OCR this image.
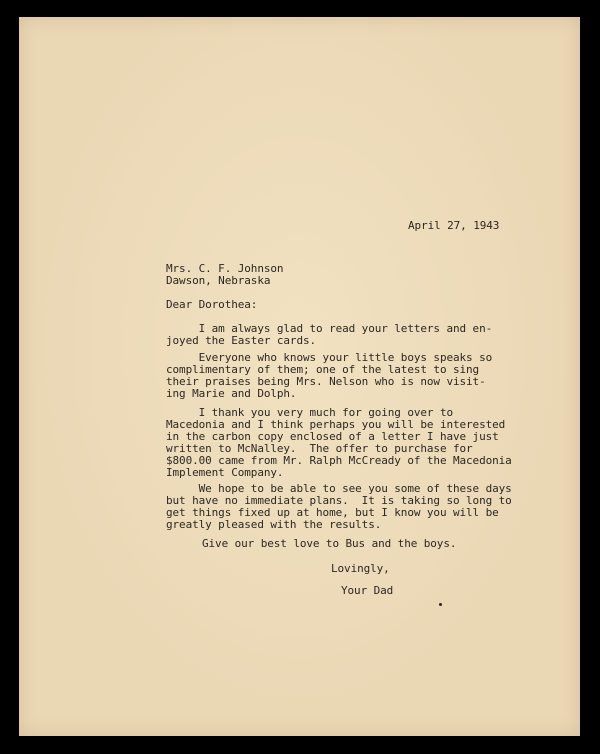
April 27, 1943
Mrs. C. F. Johnson
Dawson, Nebraska
Dear Dorothea:
I am always glad to read your letters and en-
joyed the Easter cards.
Everyone who knows your little boys speaks so
complimentary of them; one of the latest to sing
their praises being Mrs. Nelson who is now visit-
ing Marie and Dolph.
I thank you very much for going over to
Macedonia and I think perhaps you will be interested
in the carbon copy enclosed of a letter I have just
written to McNalley.  The offer to purchase for
$800.00 came from Mr. Ralph McCready of the Macedonia
Implement Company.
We hope to be able to see you some of these days
but have no immediate plans.  It is taking so long to
get things fixed up at home, but I know you will be
greatly pleased with the results.
Give our best love to Bus and the boys.
Lovingly,
Your Dad
